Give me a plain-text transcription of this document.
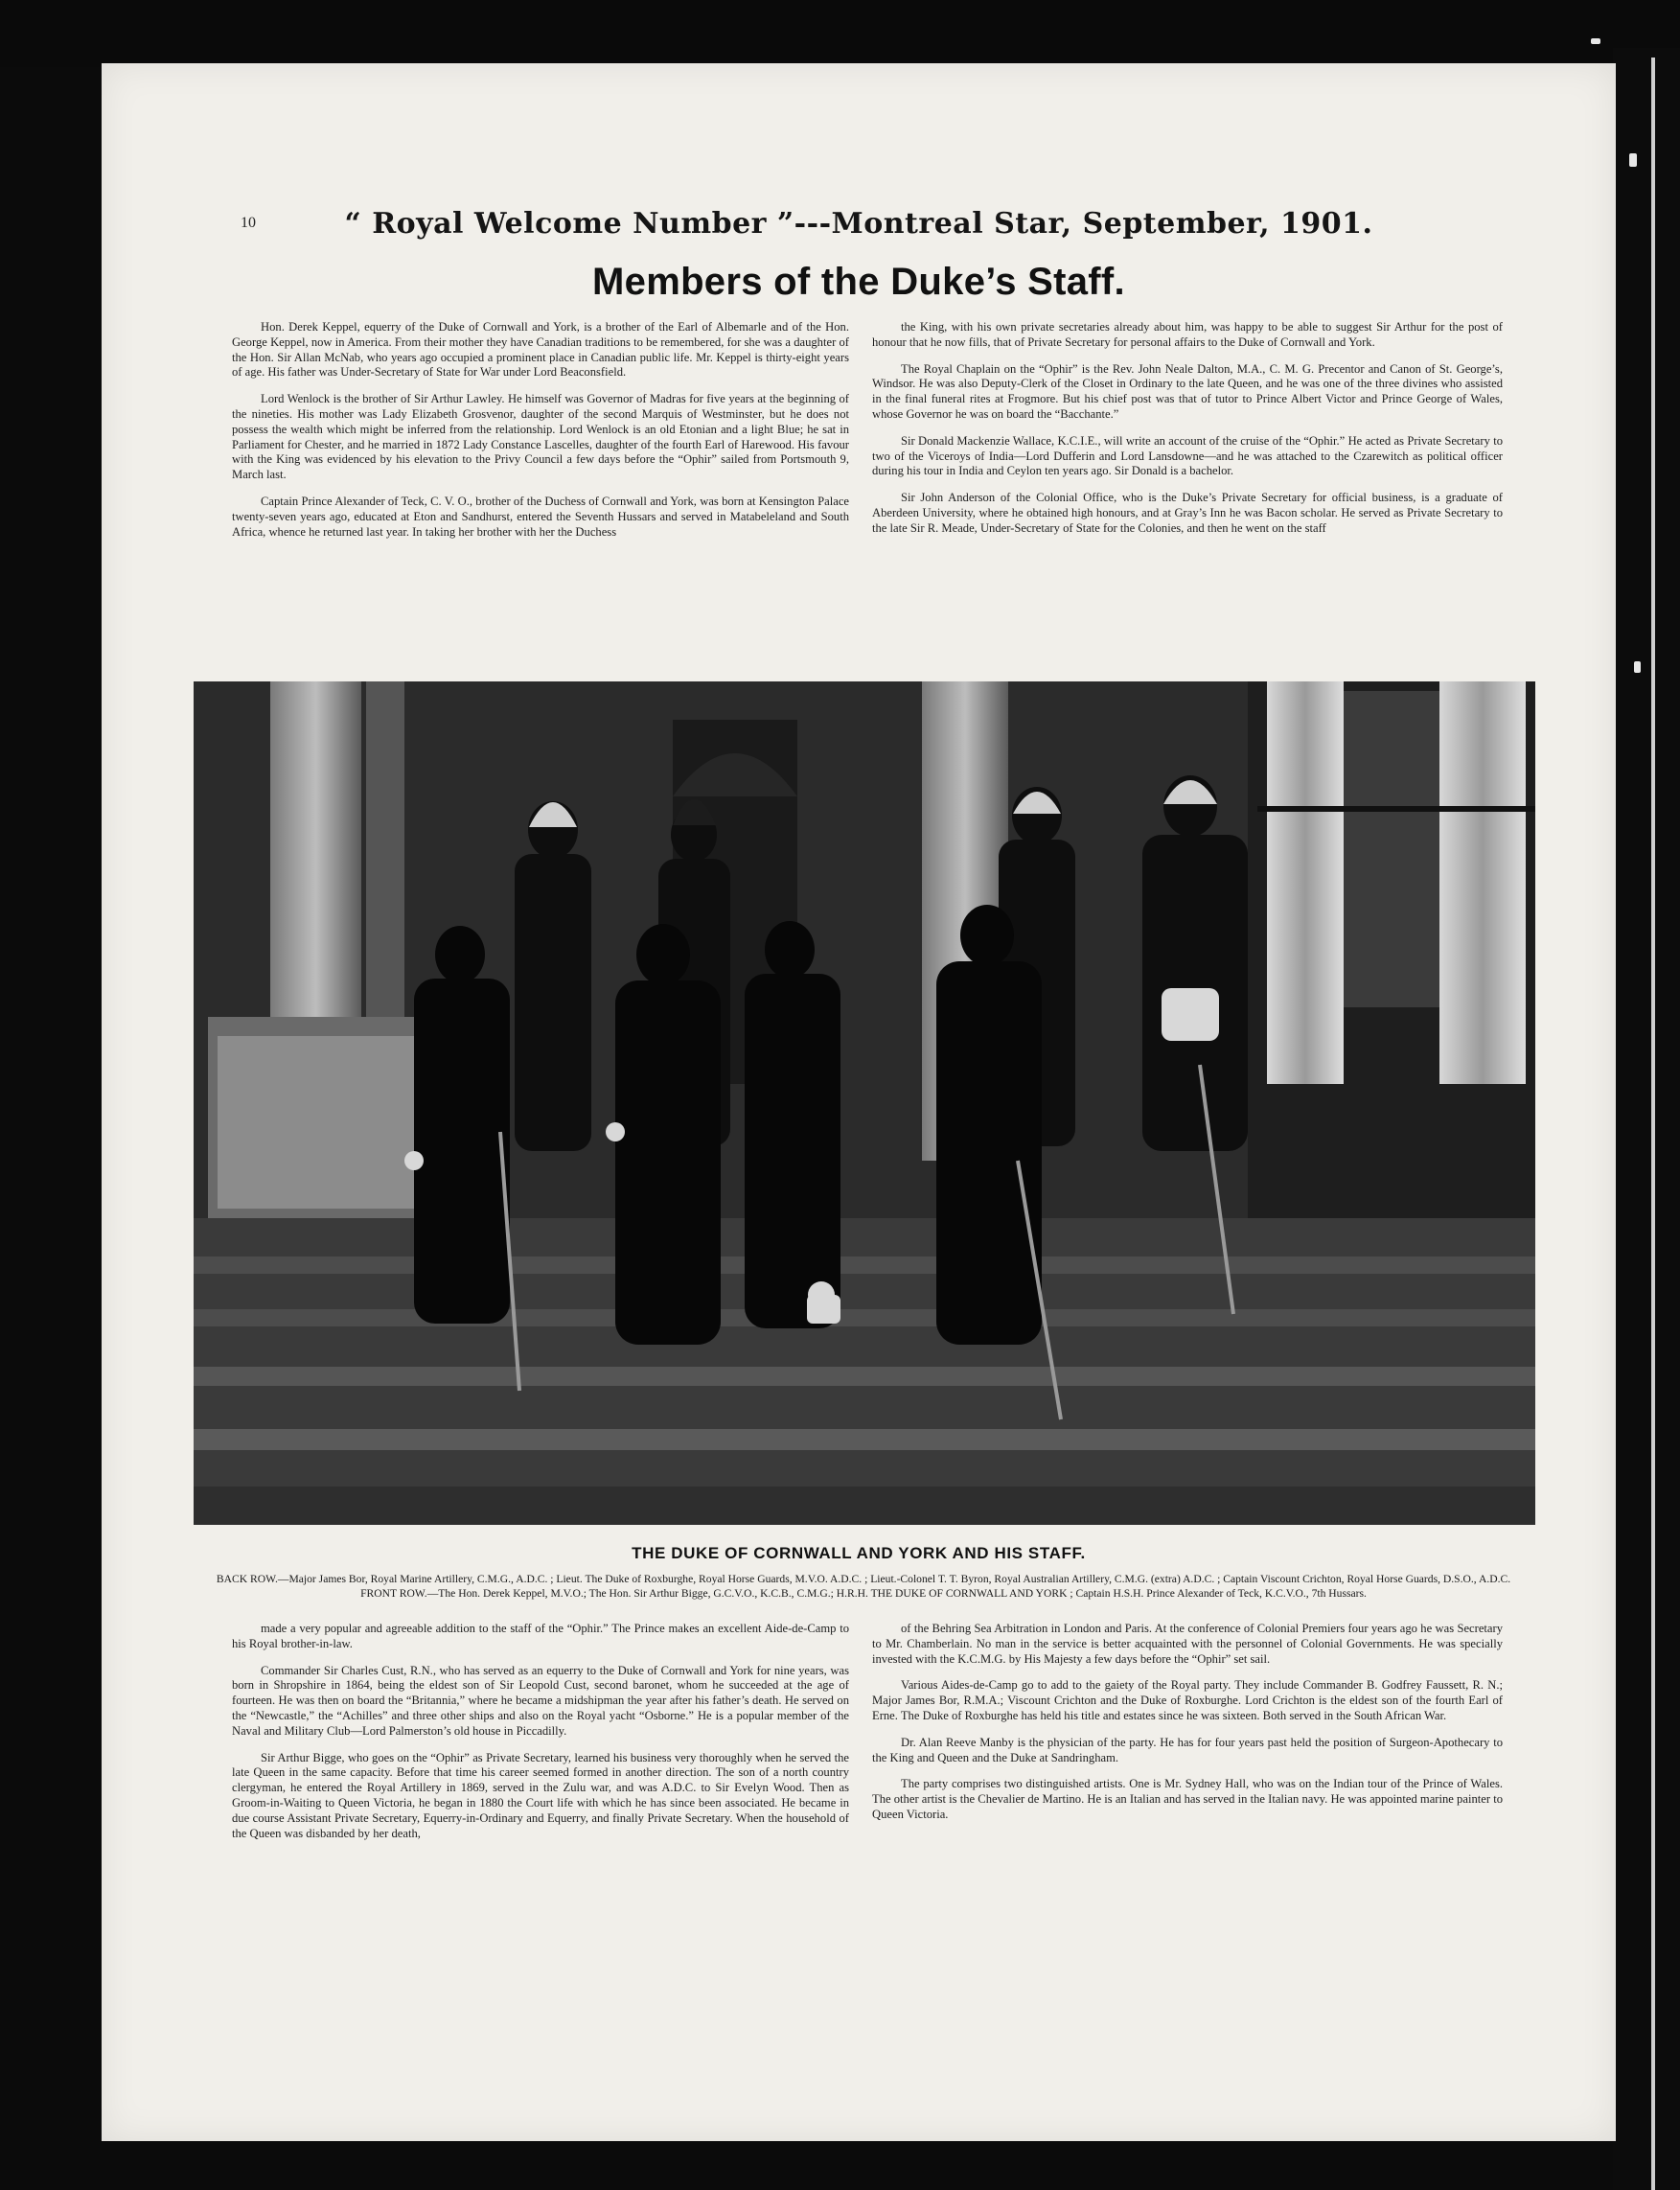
10	“ Royal Welcome Number ”---Montreal Star, September, 1901.
Members of the Duke’s Staff.

Hon. Derek Keppel, equerry of the Duke of Cornwall and York, is a brother of the Earl of Albemarle and of the Hon. George Keppel, now in America. From their mother they have Canadian traditions to be remembered, for she was a daughter of the Hon. Sir Allan McNab, who years ago occupied a prominent place in Canadian public life. Mr. Keppel is thirty-eight years of age. His father was Under-Secretary of State for War under Lord Beaconsfield.

Lord Wenlock is the brother of Sir Arthur Lawley. He himself was Governor of Madras for five years at the beginning of the nineties. His mother was Lady Elizabeth Grosvenor, daughter of the second Marquis of Westminster, but he does not possess the wealth which might be inferred from the relationship. Lord Wenlock is an old Etonian and a light Blue; he sat in Parliament for Chester, and he married in 1872 Lady Constance Lascelles, daughter of the fourth Earl of Harewood. His favour with the King was evidenced by his elevation to the Privy Council a few days before the “Ophir” sailed from Portsmouth 9, March last.

Captain Prince Alexander of Teck, C. V. O., brother of the Duchess of Cornwall and York, was born at Kensington Palace twenty-seven years ago, educated at Eton and Sandhurst, entered the Seventh Hussars and served in Matabeleland and South Africa, whence he returned last year. In taking her brother with her the Duchess

the King, with his own private secretaries already about him, was happy to be able to suggest Sir Arthur for the post of honour that he now fills, that of Private Secretary for personal affairs to the Duke of Cornwall and York.

The Royal Chaplain on the “Ophir” is the Rev. John Neale Dalton, M.A., C. M. G. Precentor and Canon of St. George’s, Windsor. He was also Deputy-Clerk of the Closet in Ordinary to the late Queen, and he was one of the three divines who assisted in the final funeral rites at Frogmore. But his chief post was that of tutor to Prince Albert Victor and Prince George of Wales, whose Governor he was on board the “Bacchante.”

Sir Donald Mackenzie Wallace, K.C.I.E., will write an account of the cruise of the “Ophir.” He acted as Private Secretary to two of the Viceroys of India—Lord Dufferin and Lord Lansdowne—and he was attached to the Czarewitch as political officer during his tour in India and Ceylon ten years ago. Sir Donald is a bachelor.

Sir John Anderson of the Colonial Office, who is the Duke’s Private Secretary for official business, is a graduate of Aberdeen University, where he obtained high honours, and at Gray’s Inn he was Bacon scholar. He served as Private Secretary to the late Sir R. Meade, Under-Secretary of State for the Colonies, and then he went on the staff

THE DUKE OF CORNWALL AND YORK AND HIS STAFF.
BACK ROW.—Major James Bor, Royal Marine Artillery, C.M.G., A.D.C. ; Lieut. The Duke of Roxburghe, Royal Horse Guards, M.V.O. A.D.C. ; Lieut.-Colonel T. T. Byron, Royal Australian Artillery, C.M.G. (extra) A.D.C. ; Captain Viscount Crichton, Royal Horse Guards, D.S.O., A.D.C. FRONT ROW.—The Hon. Derek Keppel, M.V.O.; The Hon. Sir Arthur Bigge, G.C.V.O., K.C.B., C.M.G.; H.R.H. THE DUKE OF CORNWALL AND YORK ; Captain H.S.H. Prince Alexander of Teck, K.C.V.O., 7th Hussars.

made a very popular and agreeable addition to the staff of the “Ophir.” The Prince makes an excellent Aide-de-Camp to his Royal brother-in-law.

Commander Sir Charles Cust, R.N., who has served as an equerry to the Duke of Cornwall and York for nine years, was born in Shropshire in 1864, being the eldest son of Sir Leopold Cust, second baronet, whom he succeeded at the age of fourteen. He was then on board the “Britannia,” where he became a midshipman the year after his father’s death. He served on the “Newcastle,” the “Achilles” and three other ships and also on the Royal yacht “Osborne.” He is a popular member of the Naval and Military Club—Lord Palmerston’s old house in Piccadilly.

Sir Arthur Bigge, who goes on the “Ophir” as Private Secretary, learned his business very thoroughly when he served the late Queen in the same capacity. Before that time his career seemed formed in another direction. The son of a north country clergyman, he entered the Royal Artillery in 1869, served in the Zulu war, and was A.D.C. to Sir Evelyn Wood. Then as Groom-in-Waiting to Queen Victoria, he began in 1880 the Court life with which he has since been associated. He became in due course Assistant Private Secretary, Equerry-in-Ordinary and Equerry, and finally Private Secretary. When the household of the Queen was disbanded by her death,

of the Behring Sea Arbitration in London and Paris. At the conference of Colonial Premiers four years ago he was Secretary to Mr. Chamberlain. No man in the service is better acquainted with the personnel of Colonial Governments. He was specially invested with the K.C.M.G. by His Majesty a few days before the “Ophir” set sail.

Various Aides-de-Camp go to add to the gaiety of the Royal party. They include Commander B. Godfrey Faussett, R. N.; Major James Bor, R.M.A.; Viscount Crichton and the Duke of Roxburghe. Lord Crichton is the eldest son of the fourth Earl of Erne. The Duke of Roxburghe has held his title and estates since he was sixteen. Both served in the South African War.

Dr. Alan Reeve Manby is the physician of the party. He has for four years past held the position of Surgeon-Apothecary to the King and Queen and the Duke at Sandringham.

The party comprises two distinguished artists. One is Mr. Sydney Hall, who was on the Indian tour of the Prince of Wales. The other artist is the Chevalier de Martino. He is an Italian and has served in the Italian navy. He was appointed marine painter to Queen Victoria.
